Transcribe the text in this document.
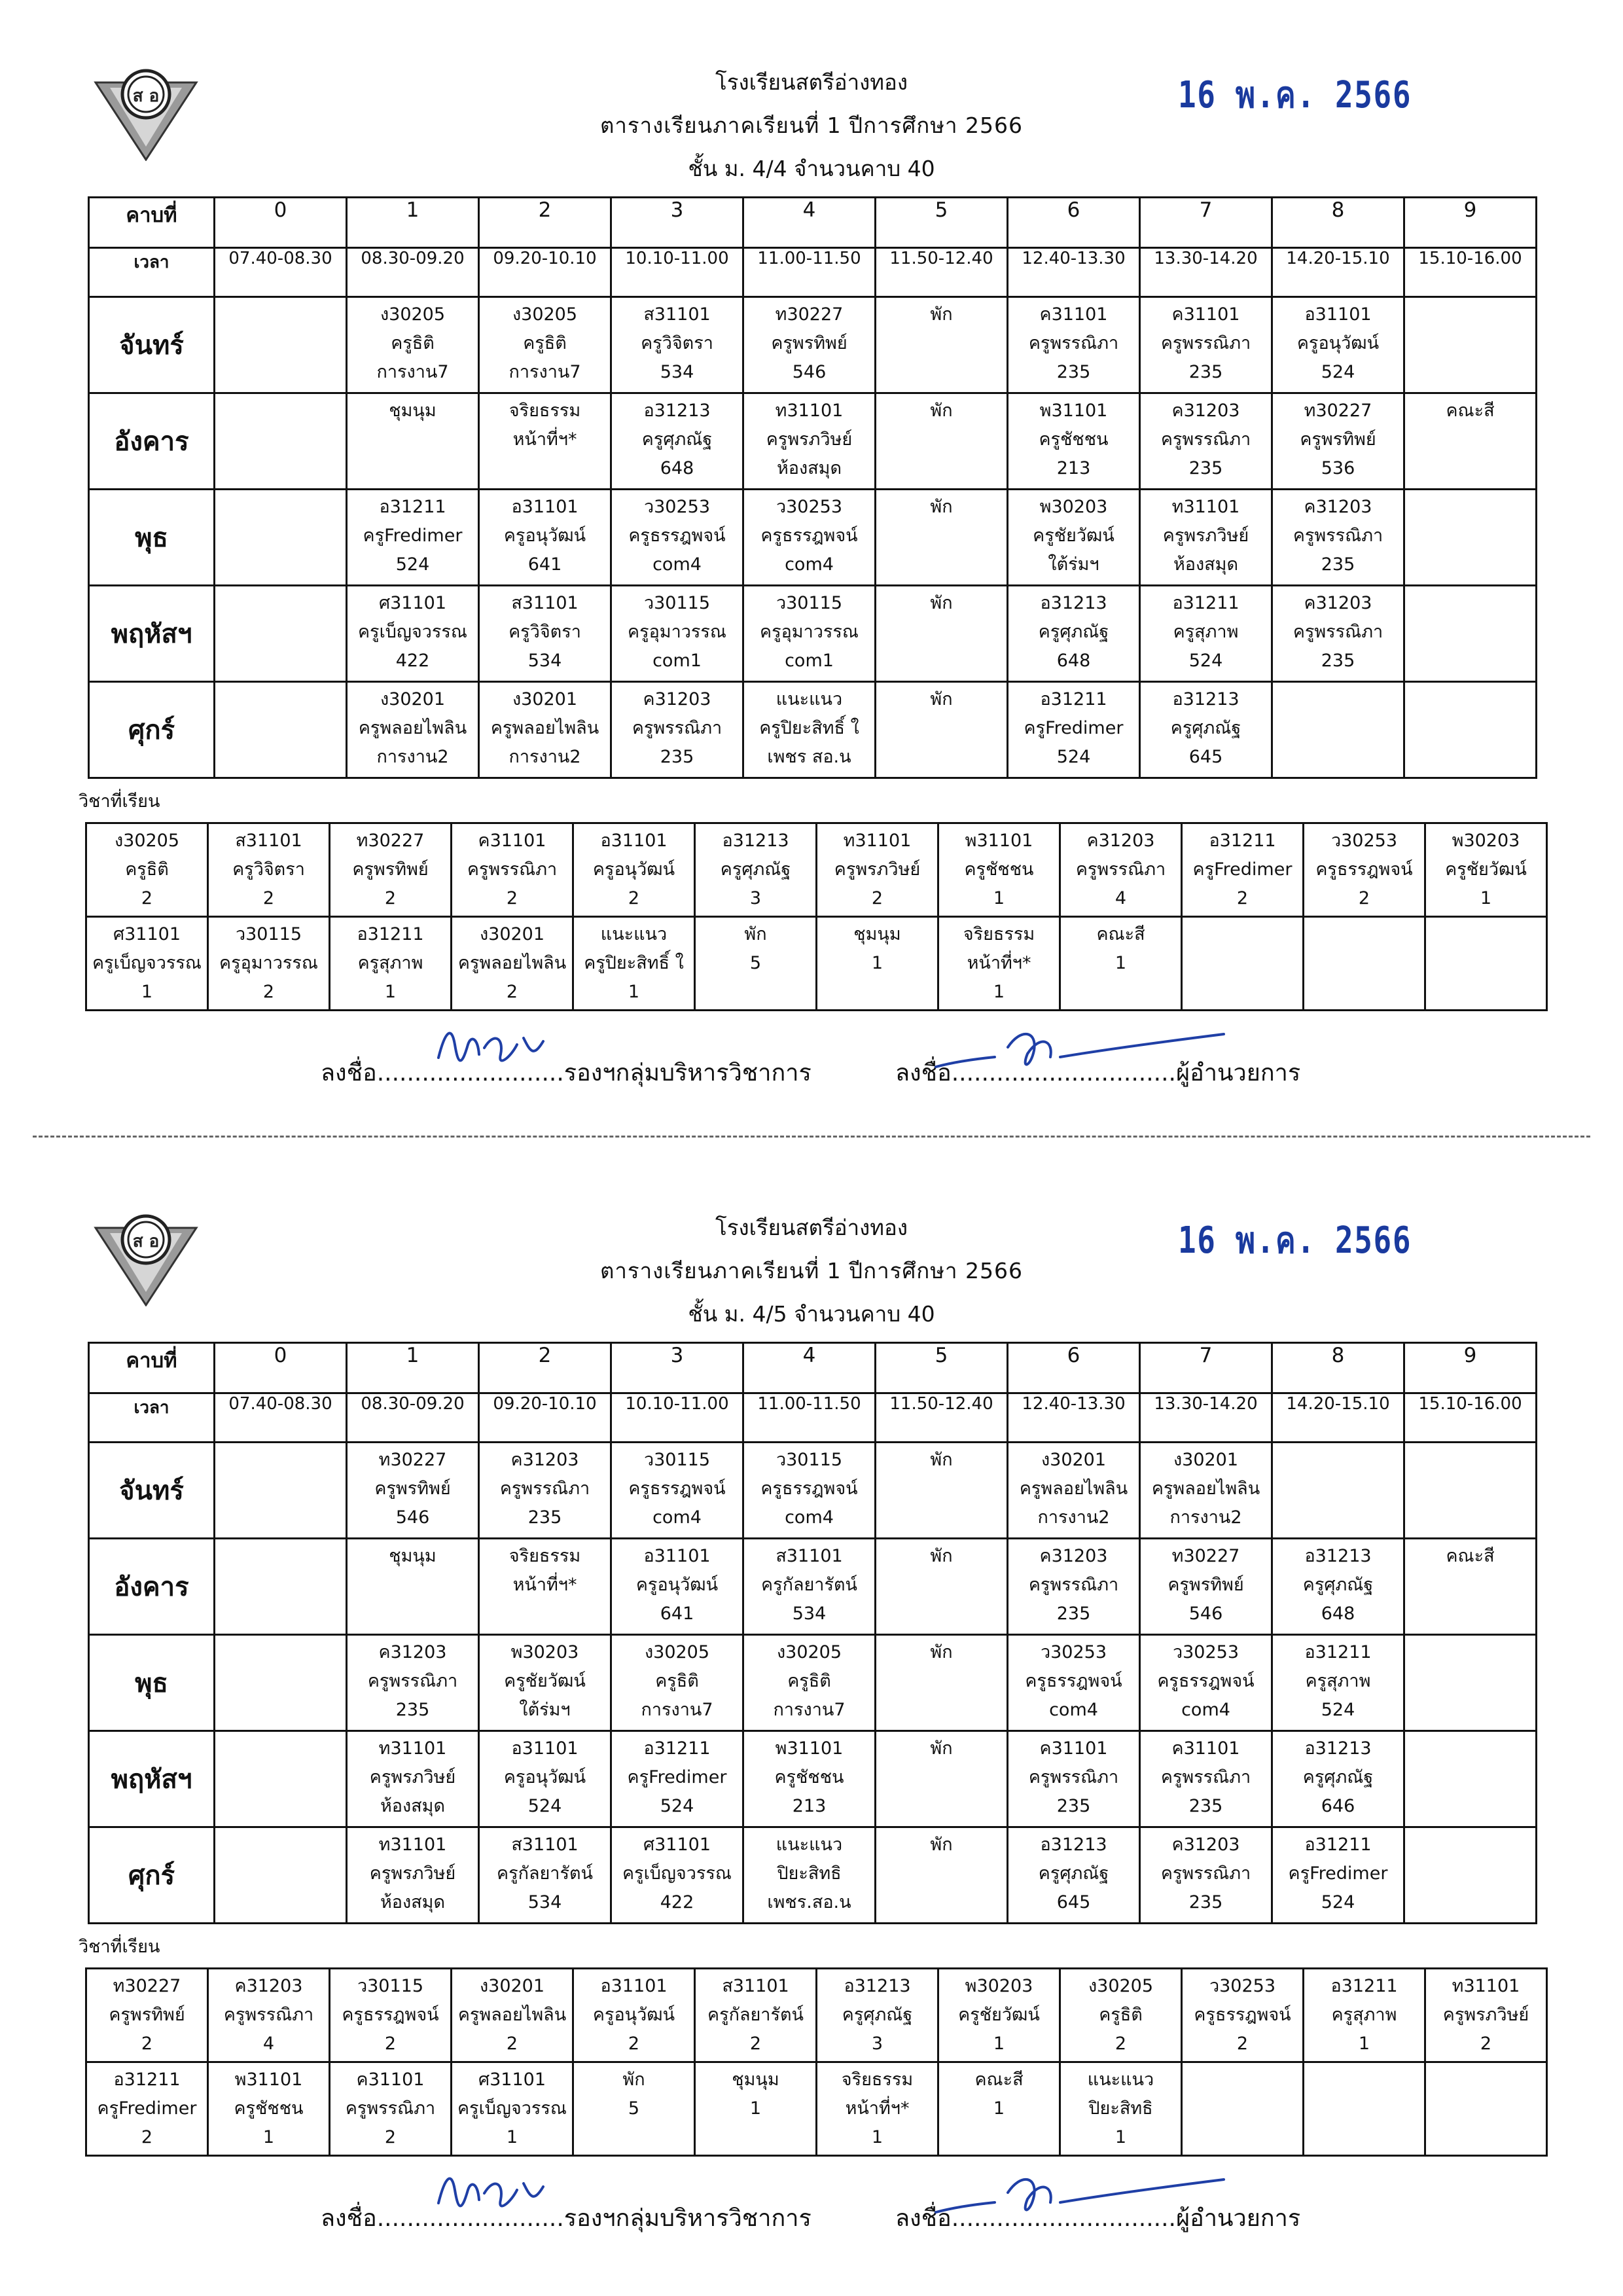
ส อ
โรงเรียนสตรีอ่างทอง
ตารางเรียนภาคเรียนที่ 1 ปีการศึกษา 2566
ชั้น ม. 4/4 จำนวนคาบ 40
16 พ.ค. 2566
คาบที่	0	1	2	3	4	5	6	7	8	9
เวลา	07.40-08.30	08.30-09.20	09.20-10.10	10.10-11.00	11.00-11.50	11.50-12.40	12.40-13.30	13.30-14.20	14.20-15.10	15.10-16.00
จันทร์		ง30205
ครูธิติ
การงาน7	ง30205
ครูธิติ
การงาน7	ส31101
ครูวิจิตรา
534	ท30227
ครูพรทิพย์
546	พัก	ค31101
ครูพรรณิภา
235	ค31101
ครูพรรณิภา
235	อ31101
ครูอนุวัฒน์
524	

อังคาร		ชุมนุม	จริยธรรม
หน้าที่ฯ*	อ31213
ครูศุภณัฐ
648	ท31101
ครูพรภวิษย์
ห้องสมุด	พัก	พ31101
ครูชัชชน
213	ค31203
ครูพรรณิภา
235	ท30227
ครูพรทิพย์
536	คณะสี

พุธ		อ31211
ครูFredimer
524	อ31101
ครูอนุวัฒน์
641	ว30253
ครูธรรฎพจน์
com4	ว30253
ครูธรรฎพจน์
com4	พัก	พ30203
ครูชัยวัฒน์
ใต้ร่มฯ	ท31101
ครูพรภวิษย์
ห้องสมุด	ค31203
ครูพรรณิภา
235	

พฤหัสฯ		ศ31101
ครูเบ็ญจวรรณ
422	ส31101
ครูวิจิตรา
534	ว30115
ครูอุมาวรรณ
com1	ว30115
ครูอุมาวรรณ
com1	พัก	อ31213
ครูศุภณัฐ
648	อ31211
ครูสุภาพ
524	ค31203
ครูพรรณิภา
235	

ศุกร์		ง30201
ครูพลอยไพลิน
การงาน2	ง30201
ครูพลอยไพลิน
การงาน2	ค31203
ครูพรรณิภา
235	แนะแนว
ครูปิยะสิทธิ์ ใ
เพชร สอ.น	พัก	อ31211
ครูFredimer
524	อ31213
ครูศุภณัฐ
645		

วิชาที่เรียน
ง30205
ครูธิติ
2	ส31101
ครูวิจิตรา
2	ท30227
ครูพรทิพย์
2	ค31101
ครูพรรณิภา
2	อ31101
ครูอนุวัฒน์
2	อ31213
ครูศุภณัฐ
3	ท31101
ครูพรภวิษย์
2	พ31101
ครูชัชชน
1	ค31203
ครูพรรณิภา
4	อ31211
ครูFredimer
2	ว30253
ครูธรรฎพจน์
2	พ30203
ครูชัยวัฒน์
1

ศ31101
ครูเบ็ญจวรรณ
1	ว30115
ครูอุมาวรรณ
2	อ31211
ครูสุภาพ
1	ง30201
ครูพลอยไพลิน
2	แนะแนว
ครูปิยะสิทธิ์ ใ
1	พัก
5	ชุมนุม
1	จริยธรรม
หน้าที่ฯ*
1	คณะสี
1			

ลงชื่อ.........................รองฯกลุ่มบริหารวิชาการ	ลงชื่อ..............................ผู้อำนวยการ
ส อ
โรงเรียนสตรีอ่างทอง
ตารางเรียนภาคเรียนที่ 1 ปีการศึกษา 2566
ชั้น ม. 4/5 จำนวนคาบ 40
16 พ.ค. 2566
คาบที่	0	1	2	3	4	5	6	7	8	9
เวลา	07.40-08.30	08.30-09.20	09.20-10.10	10.10-11.00	11.00-11.50	11.50-12.40	12.40-13.30	13.30-14.20	14.20-15.10	15.10-16.00
จันทร์		ท30227
ครูพรทิพย์
546	ค31203
ครูพรรณิภา
235	ว30115
ครูธรรฎพจน์
com4	ว30115
ครูธรรฎพจน์
com4	พัก	ง30201
ครูพลอยไพลิน
การงาน2	ง30201
ครูพลอยไพลิน
การงาน2		

อังคาร		ชุมนุม	จริยธรรม
หน้าที่ฯ*	อ31101
ครูอนุวัฒน์
641	ส31101
ครูกัลยารัตน์
534	พัก	ค31203
ครูพรรณิภา
235	ท30227
ครูพรทิพย์
546	อ31213
ครูศุภณัฐ
648	คณะสี

พุธ		ค31203
ครูพรรณิภา
235	พ30203
ครูชัยวัฒน์
ใต้ร่มฯ	ง30205
ครูธิติ
การงาน7	ง30205
ครูธิติ
การงาน7	พัก	ว30253
ครูธรรฎพจน์
com4	ว30253
ครูธรรฎพจน์
com4	อ31211
ครูสุภาพ
524	

พฤหัสฯ		ท31101
ครูพรภวิษย์
ห้องสมุด	อ31101
ครูอนุวัฒน์
524	อ31211
ครูFredimer
524	พ31101
ครูชัชชน
213	พัก	ค31101
ครูพรรณิภา
235	ค31101
ครูพรรณิภา
235	อ31213
ครูศุภณัฐ
646	

ศุกร์		ท31101
ครูพรภวิษย์
ห้องสมุด	ส31101
ครูกัลยารัตน์
534	ศ31101
ครูเบ็ญจวรรณ
422	แนะแนว
ปิยะสิทธิ
เพชร.สอ.น	พัก	อ31213
ครูศุภณัฐ
645	ค31203
ครูพรรณิภา
235	อ31211
ครูFredimer
524	

วิชาที่เรียน
ท30227
ครูพรทิพย์
2	ค31203
ครูพรรณิภา
4	ว30115
ครูธรรฎพจน์
2	ง30201
ครูพลอยไพลิน
2	อ31101
ครูอนุวัฒน์
2	ส31101
ครูกัลยารัตน์
2	อ31213
ครูศุภณัฐ
3	พ30203
ครูชัยวัฒน์
1	ง30205
ครูธิติ
2	ว30253
ครูธรรฎพจน์
2	อ31211
ครูสุภาพ
1	ท31101
ครูพรภวิษย์
2

อ31211
ครูFredimer
2	พ31101
ครูชัชชน
1	ค31101
ครูพรรณิภา
2	ศ31101
ครูเบ็ญจวรรณ
1	พัก
5	ชุมนุม
1	จริยธรรม
หน้าที่ฯ*
1	คณะสี
1	แนะแนว
ปิยะสิทธิ
1			

ลงชื่อ.........................รองฯกลุ่มบริหารวิชาการ	ลงชื่อ..............................ผู้อำนวยการ
